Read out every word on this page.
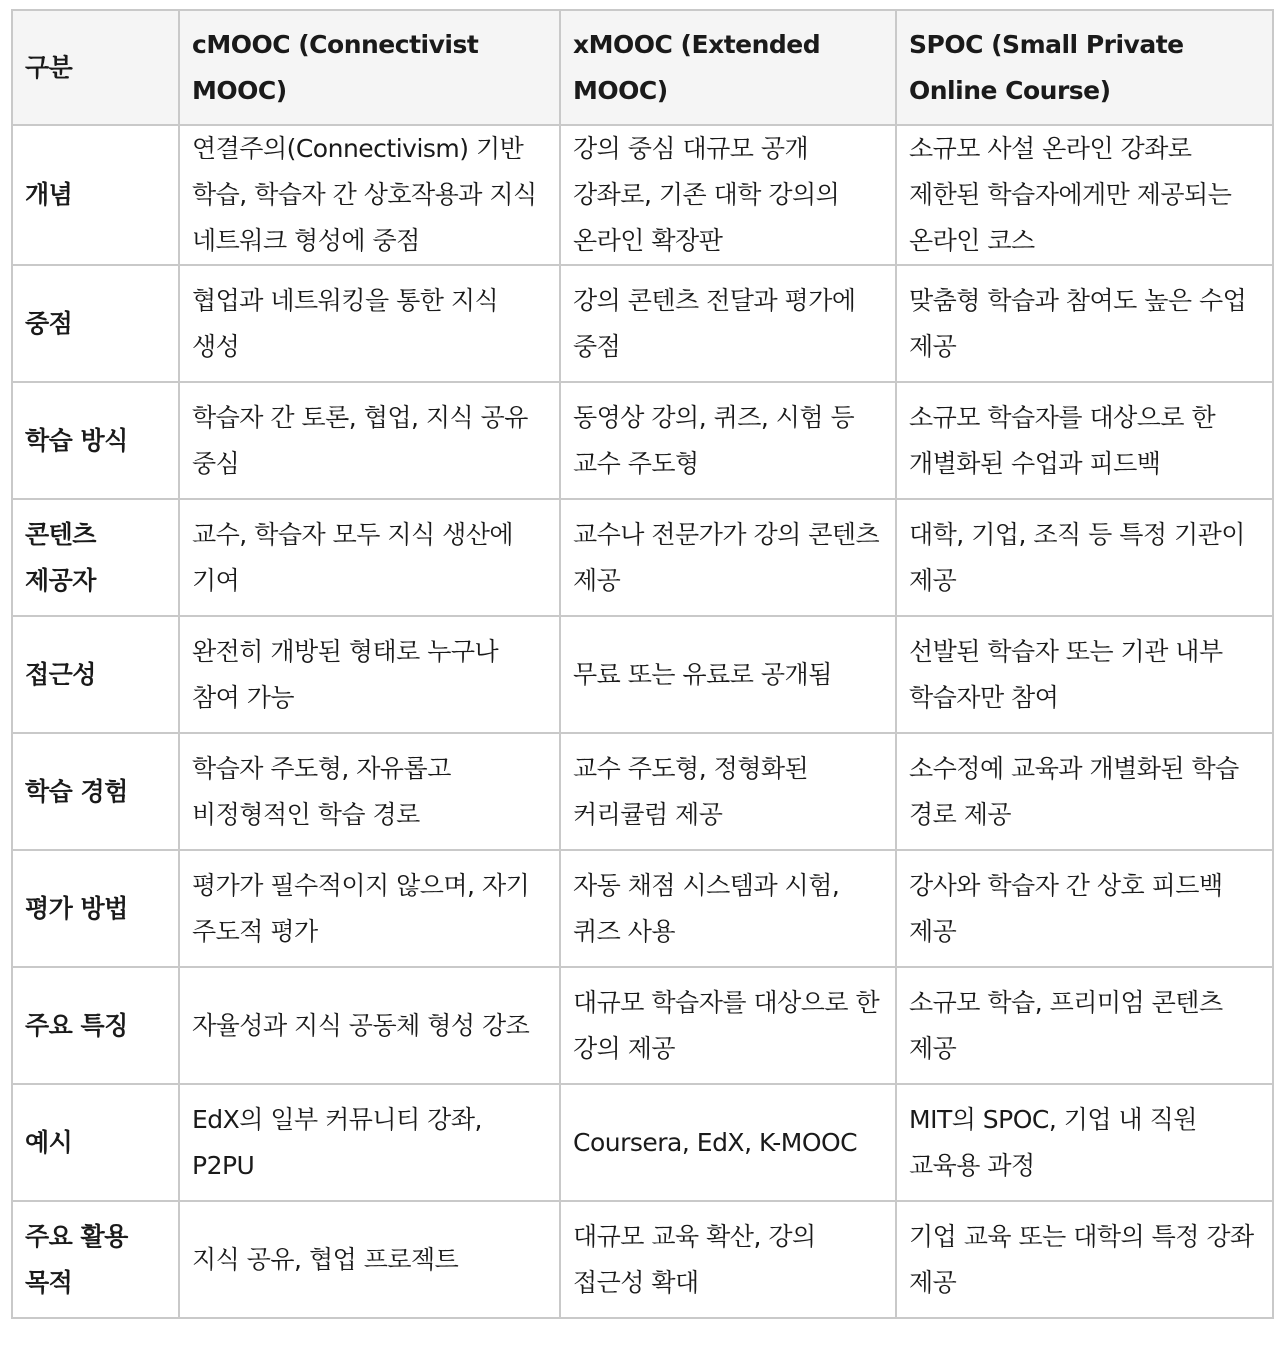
구분	cMOOC (Connectivist MOOC)	xMOOC (Extended MOOC)	SPOC (Small Private Online Course)
개념	연결주의(Connectivism) 기반 학습, 학습자 간 상호작용과 지식 네트워크 형성에 중점	강의 중심 대규모 공개 강좌로, 기존 대학 강의의 온라인 확장판	소규모 사설 온라인 강좌로 제한된 학습자에게만 제공되는 온라인 코스
중점	협업과 네트워킹을 통한 지식 생성	강의 콘텐츠 전달과 평가에 중점	맞춤형 학습과 참여도 높은 수업 제공
학습 방식	학습자 간 토론, 협업, 지식 공유 중심	동영상 강의, 퀴즈, 시험 등 교수 주도형	소규모 학습자를 대상으로 한 개별화된 수업과 피드백
콘텐츠 제공자	교수, 학습자 모두 지식 생산에 기여	교수나 전문가가 강의 콘텐츠 제공	대학, 기업, 조직 등 특정 기관이 제공
접근성	완전히 개방된 형태로 누구나 참여 가능	무료 또는 유료로 공개됨	선발된 학습자 또는 기관 내부 학습자만 참여
학습 경험	학습자 주도형, 자유롭고 비정형적인 학습 경로	교수 주도형, 정형화된 커리큘럼 제공	소수정예 교육과 개별화된 학습 경로 제공
평가 방법	평가가 필수적이지 않으며, 자기 주도적 평가	자동 채점 시스템과 시험, 퀴즈 사용	강사와 학습자 간 상호 피드백 제공
주요 특징	자율성과 지식 공동체 형성 강조	대규모 학습자를 대상으로 한 강의 제공	소규모 학습, 프리미엄 콘텐츠 제공
예시	EdX의 일부 커뮤니티 강좌, P2PU	Coursera, EdX, K-MOOC	MIT의 SPOC, 기업 내 직원 교육용 과정
주요 활용 목적	지식 공유, 협업 프로젝트	대규모 교육 확산, 강의 접근성 확대	기업 교육 또는 대학의 특정 강좌 제공
